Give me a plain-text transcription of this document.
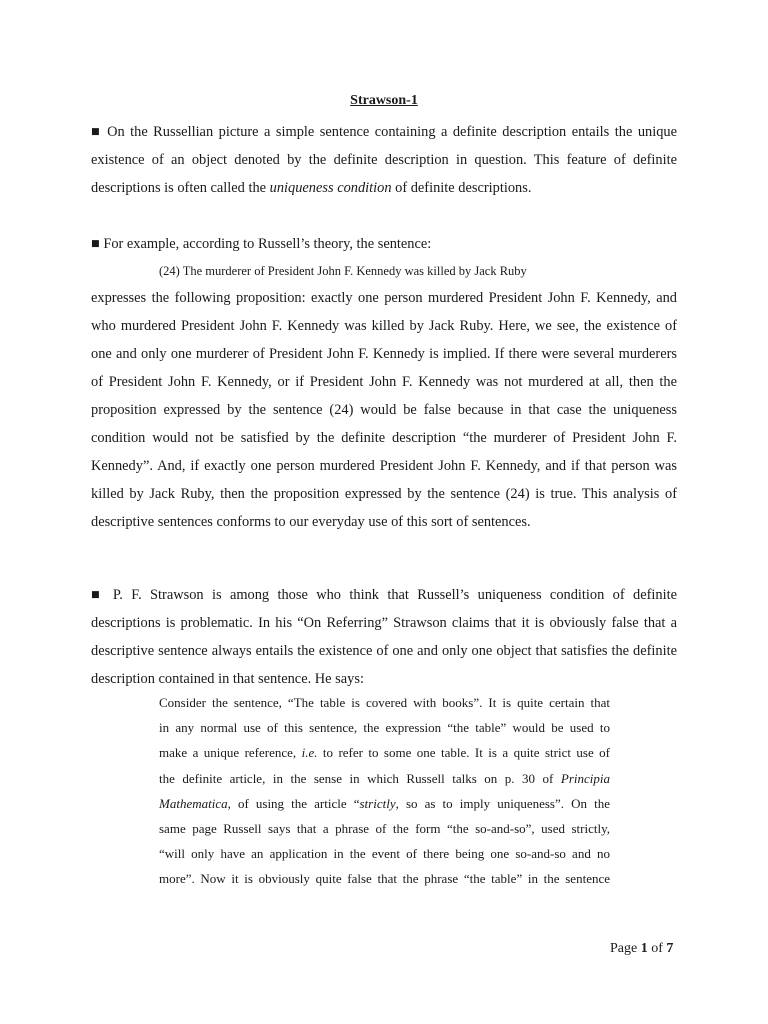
Strawson-1
■ On the Russellian picture a simple sentence containing a definite description entails the unique existence of an object denoted by the definite description in question. This feature of definite descriptions is often called the uniqueness condition of definite descriptions.
■ For example, according to Russell’s theory, the sentence:
(24) The murderer of President John F. Kennedy was killed by Jack Ruby
expresses the following proposition: exactly one person murdered President John F. Kennedy, and who murdered President John F. Kennedy was killed by Jack Ruby. Here, we see, the existence of one and only one murderer of President John F. Kennedy is implied. If there were several murderers of President John F. Kennedy, or if President John F. Kennedy was not murdered at all, then the proposition expressed by the sentence (24) would be false because in that case the uniqueness condition would not be satisfied by the definite description “the murderer of President John F. Kennedy”. And, if exactly one person murdered President John F. Kennedy, and if that person was killed by Jack Ruby, then the proposition expressed by the sentence (24) is true. This analysis of descriptive sentences conforms to our everyday use of this sort of sentences.
■ P. F. Strawson is among those who think that Russell’s uniqueness condition of definite descriptions is problematic. In his “On Referring” Strawson claims that it is obviously false that a descriptive sentence always entails the existence of one and only one object that satisfies the definite description contained in that sentence. He says:
Consider the sentence, “The table is covered with books”. It is quite certain that
in any normal use of this sentence, the expression “the table” would be used to
make a unique reference, i.e. to refer to some one table. It is a quite strict use of
the definite article, in the sense in which Russell talks on p. 30 of Principia
Mathematica, of using the article “strictly, so as to imply uniqueness”. On the
same page Russell says that a phrase of the form “the so-and-so”, used strictly,
“will only have an application in the event of there being one so-and-so and no
more”. Now it is obviously quite false that the phrase “the table” in the sentence
Page 1 of 7
